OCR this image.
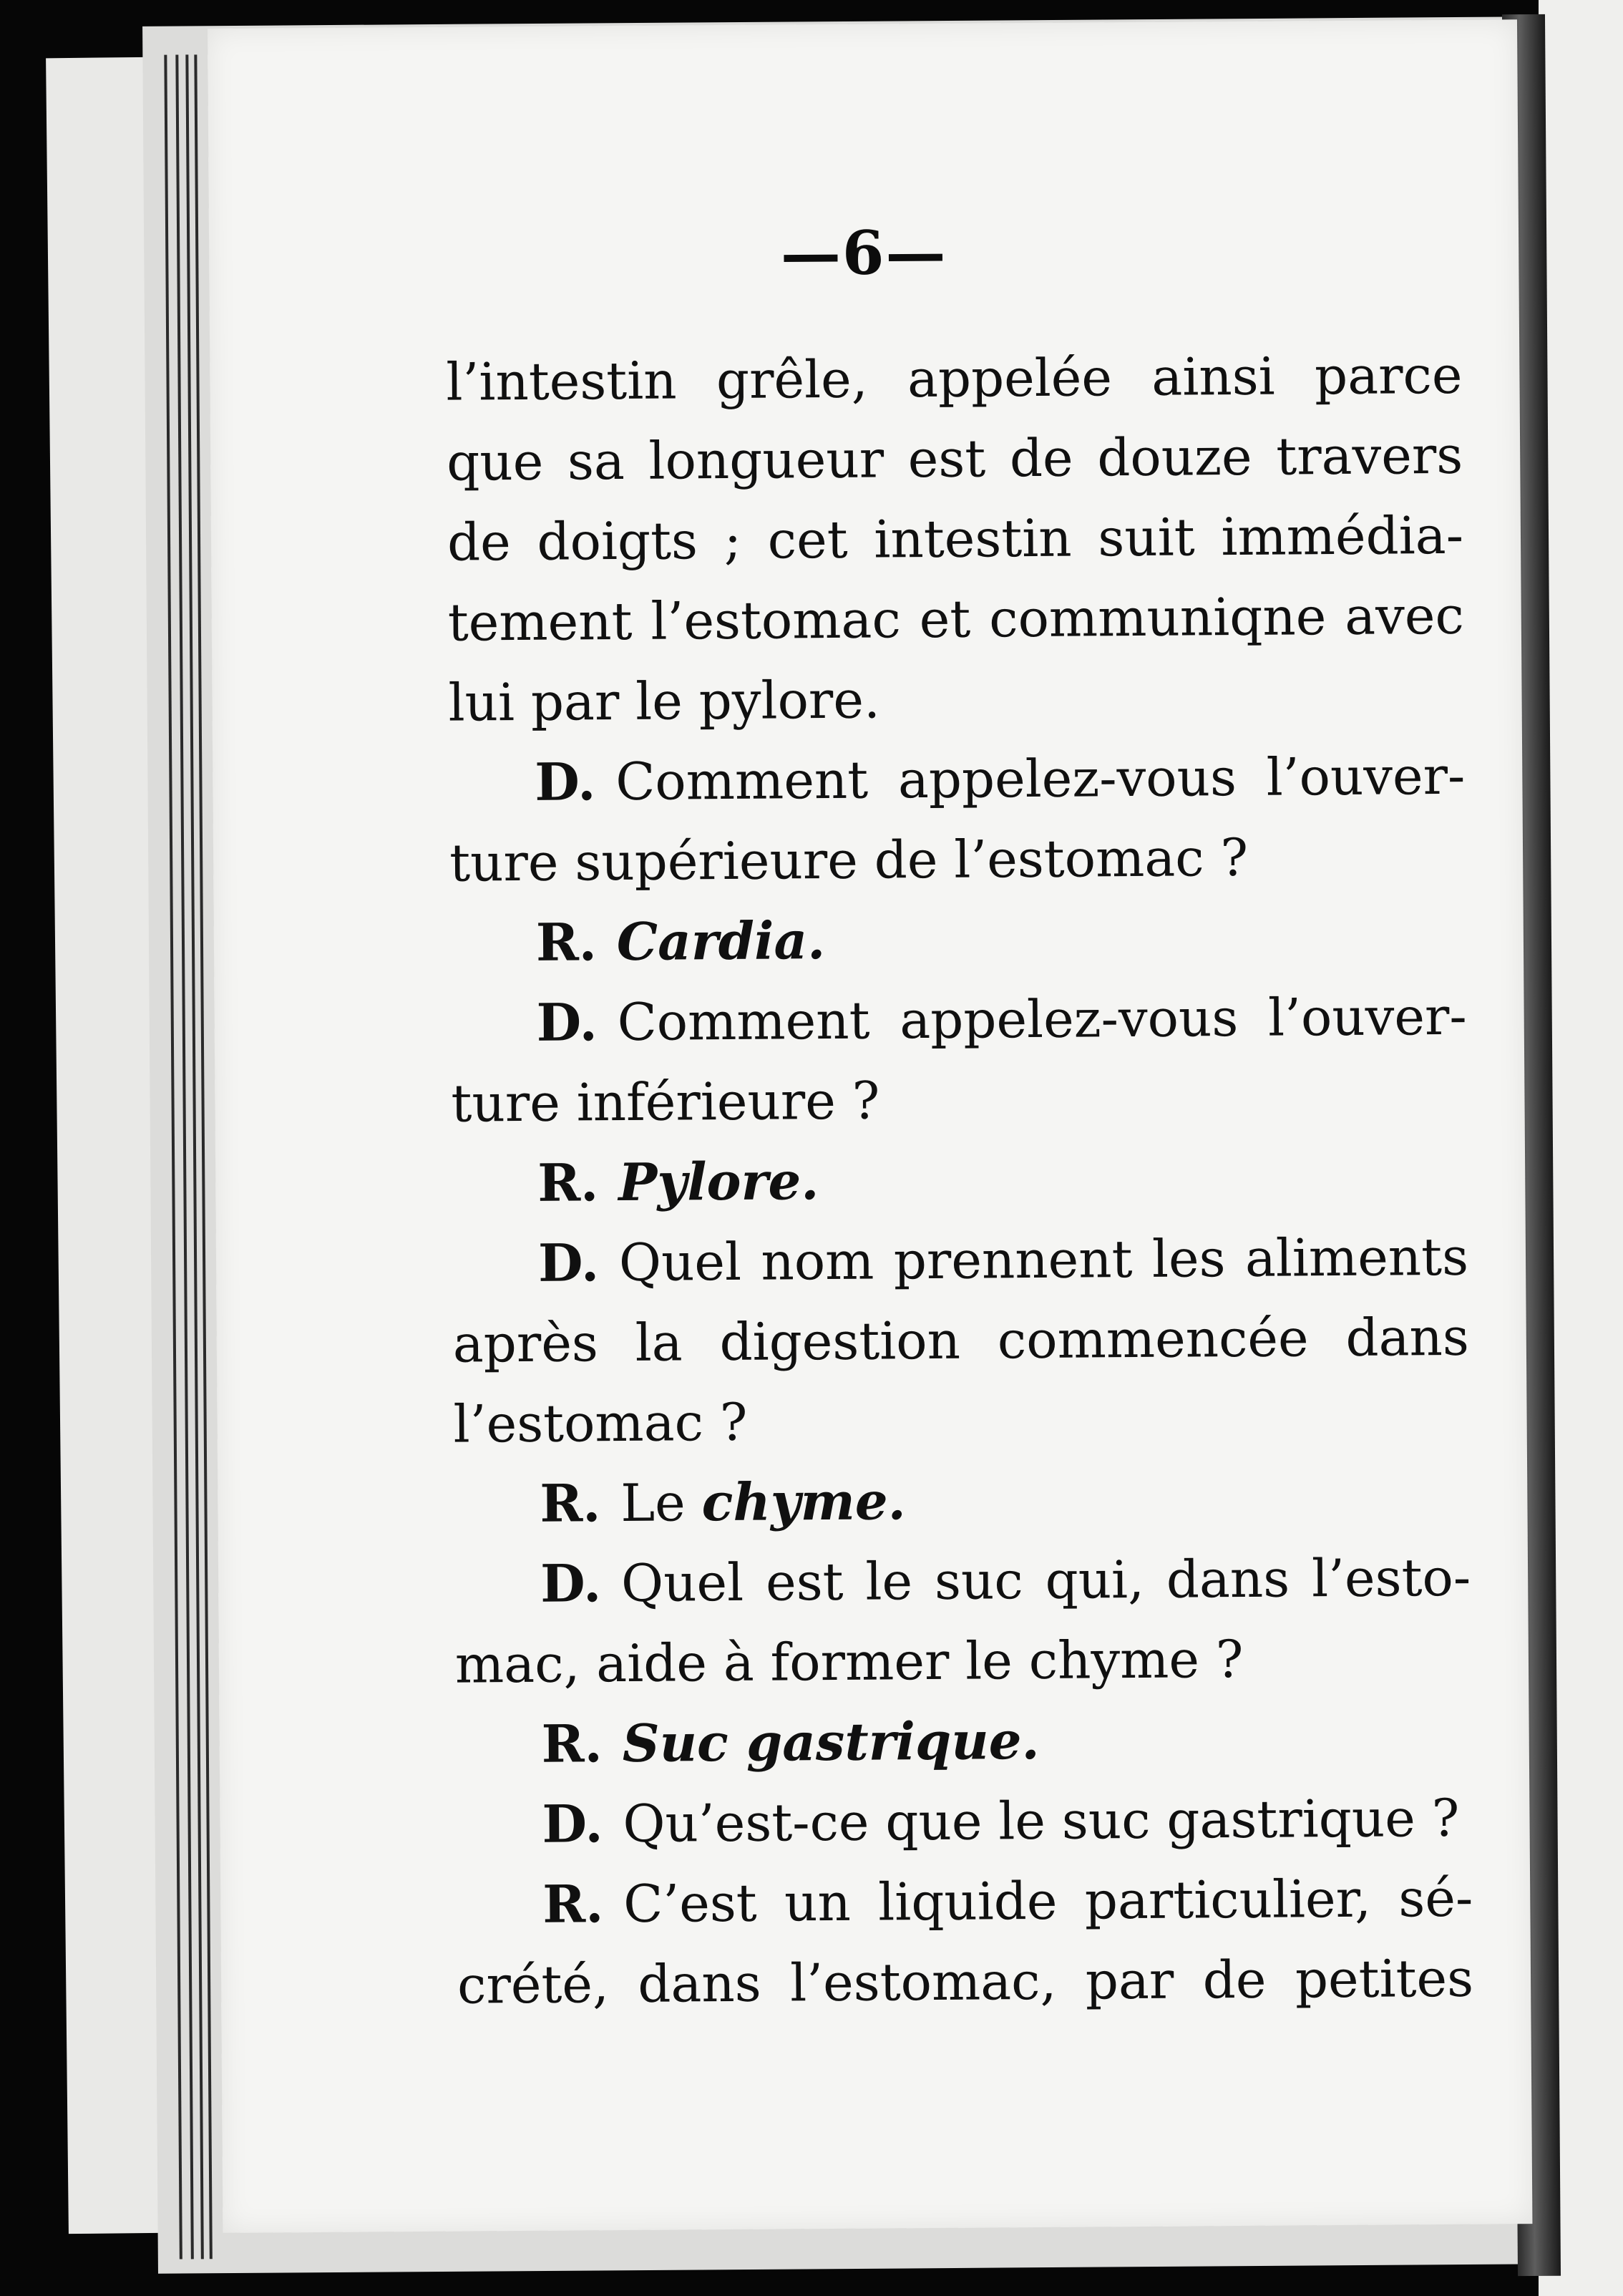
—6—
l’intestin grêle, appelée ainsi parce
que sa longueur est de douze travers
de doigts ; cet intestin suit immédia-
tement l’estomac et communiqne avec
lui par le pylore.
D. Comment appelez-vous l’ouver-
ture supérieure de l’estomac ?
R. Cardia.
D. Comment appelez-vous l’ouver-
ture inférieure ?
R. Pylore.
D. Quel nom prennent les aliments
après la digestion commencée dans
l’estomac ?
R. Le chyme.
D. Quel est le suc qui, dans l’esto-
mac, aide à former le chyme ?
R. Suc gastrique.
D. Qu’est-ce que le suc gastrique ?
R. C’est un liquide particulier, sé-
crété, dans l’estomac, par de petites
